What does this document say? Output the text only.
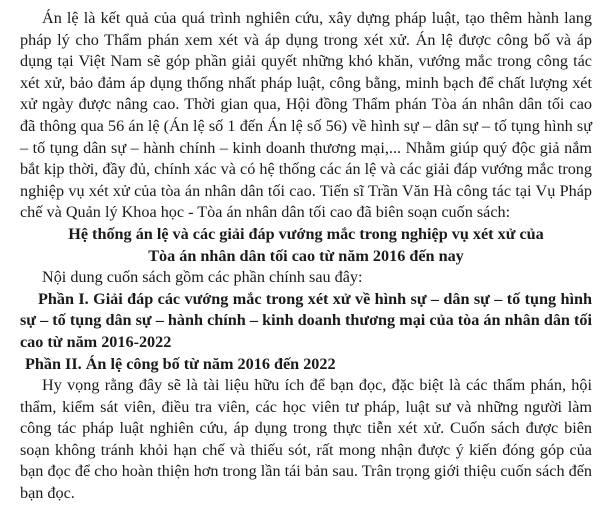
Án lệ là kết quả của quá trình nghiên cứu, xây dựng pháp luật, tạo thêm hành lang pháp lý cho Thẩm phán xem xét và áp dụng trong xét xử. Án lệ được công bố và áp dụng tại Việt Nam sẽ góp phần giải quyết những khó khăn, vướng mắc trong công tác xét xử, bảo đảm áp dụng thống nhất pháp luật, công bằng, minh bạch để chất lượng xét xử ngày được nâng cao. Thời gian qua, Hội đồng Thẩm phán Tòa án nhân dân tối cao đã thông qua 56 án lệ (Án lệ số 1 đến Án lệ số 56) về hình sự – dân sự – tố tụng hình sự – tố tụng dân sự – hành chính – kinh doanh thương mại,... Nhằm giúp quý độc giả nắm bắt kịp thời, đầy đủ, chính xác và có hệ thống các án lệ và các giải đáp vướng mắc trong nghiệp vụ xét xử của tòa án nhân dân tối cao. Tiến sĩ Trần Văn Hà công tác tại Vụ Pháp chế và Quản lý Khoa học - Tòa án nhân dân tối cao đã biên soạn cuốn sách:

Hệ thống án lệ và các giải đáp vướng mắc trong nghiệp vụ xét xử của

Tòa án nhân dân tối cao từ năm 2016 đến nay

Nội dung cuốn sách gồm các phần chính sau đây:

Phần I. Giải đáp các vướng mắc trong xét xử về hình sự – dân sự – tố tụng hình sự – tố tụng dân sự – hành chính – kinh doanh thương mại của tòa án nhân dân tối cao từ năm 2016-2022

Phần II. Án lệ công bố từ năm 2016 đến 2022

Hy vọng rằng đây sẽ là tài liệu hữu ích để bạn đọc, đặc biệt là các thẩm phán, hội thẩm, kiểm sát viên, điều tra viên, các học viên tư pháp, luật sư và những người làm công tác pháp luật nghiên cứu, áp dụng trong thực tiễn xét xử. Cuốn sách được biên soạn không tránh khỏi hạn chế và thiếu sót, rất mong nhận được ý kiến đóng góp của bạn đọc để cho hoàn thiện hơn trong lần tái bản sau. Trân trọng giới thiệu cuốn sách đến bạn đọc.
